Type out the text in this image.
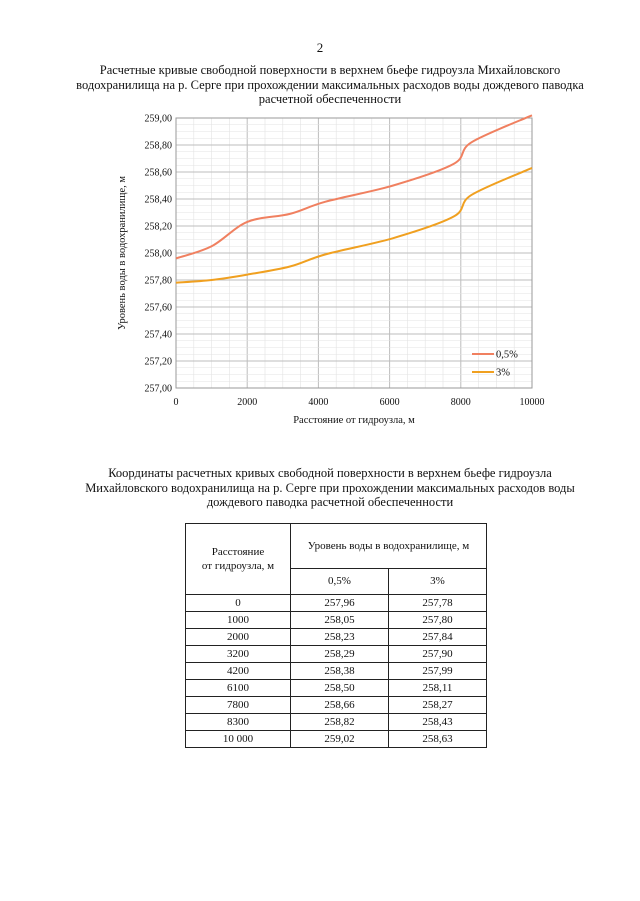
2
Расчетные кривые свободной поверхности в верхнем бьефе гидроузла Михайловского
водохранилища на р. Серге при прохождении максимальных расходов воды дождевого паводка
расчетной обеспеченности
257,00
257,20
257,40
257,60
257,80
258,00
258,20
258,40
258,60
258,80
259,00
0	2000	4000	6000	8000	10000
Расстояние от гидроузла, м
Уровень воды в водохранилище, м
0,5%
3%
Координаты расчетных кривых свободной поверхности в верхнем бьефе гидроузла
Михайловского водохранилища на р. Серге при прохождении максимальных расходов воды
дождевого паводка расчетной обеспеченности
Расстояние
от гидроузла, м	Уровень воды в водохранилище, м	
	0,5%	3%
0	257,96	257,78
1000	258,05	257,80
2000	258,23	257,84
3200	258,29	257,90
4200	258,38	257,99
6100	258,50	258,11
7800	258,66	258,27
8300	258,82	258,43
10 000	259,02	258,63
